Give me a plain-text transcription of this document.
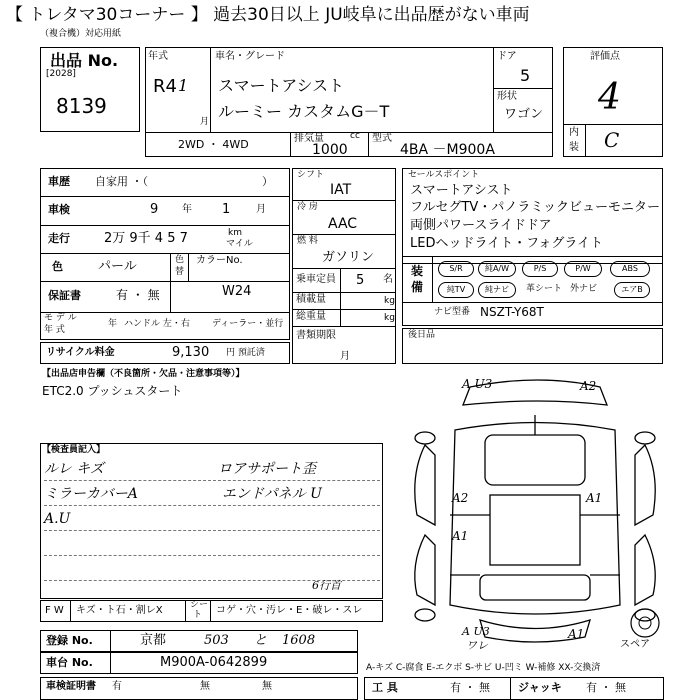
【 トレタマ30コーナー 】 過去30日以上 JU岐阜に出品歴がない車両
（複合機）対応用紙
出品 No.
[2028]
8139
年式
R4 1
月
車名・グレード
スマートアシスト
ルーミー カスタムG－T
ドア
5
形状
ワゴン
2WD ・ 4WD	排気量	cc
1000
型式
4BA －M900A
評価点
4
内
装 C
車歴 自家用 ・（	）
車検	9 年 1	月
走行	2万 9千 4 5 7	km
マイル
色	パール	色
替
カラーNo.
W24
保証書	有 ・ 無
モ デ ル
年 式
年 ハンドル 左・右 ディーラー・並行
リサイクル料金	9,130 円 預託済
シフト
IAT
冷 房
AAC
燃 料
ガソリン
乗車定員 5 名
積載量	kg
総重量	kg
書類期限
月
セールスポイント
スマートアシスト
フルセグTV・パノラミックビューモニター
両側パワースライドドア
LEDヘッドライト・フォグライト
装
備
S/R	純A/W	P/S	P/W	ABS
純TV	純ナビ	革シート 外ナビ	エアB
ナビ型番 NSZT-Y68T
後日品
【出品店申告欄（不良箇所・欠品・注意事項等）】
ETC2.0 プッシュスタート
【検査員記入】
ルレ キズ
ミラーカバーA
A.U
ロアサポート歪
エンドパネル U
F W キズ・ト石・割レX	シー
ト コゲ・穴・汚レ・E・破レ・スレ
6行首
A U3	A2
A2	A1
A1
A U3
ワレ
A1
スペア
登録 No.	京都	503 と 1608
車台 No.	M900A-0642899
車検証明書 有	無	無
A-キズ C-腐食 E-エクボ S-サビ U-凹ミ W-補修 XX-交換済
工 具	有 ・ 無	ジャッキ 有 ・ 無
